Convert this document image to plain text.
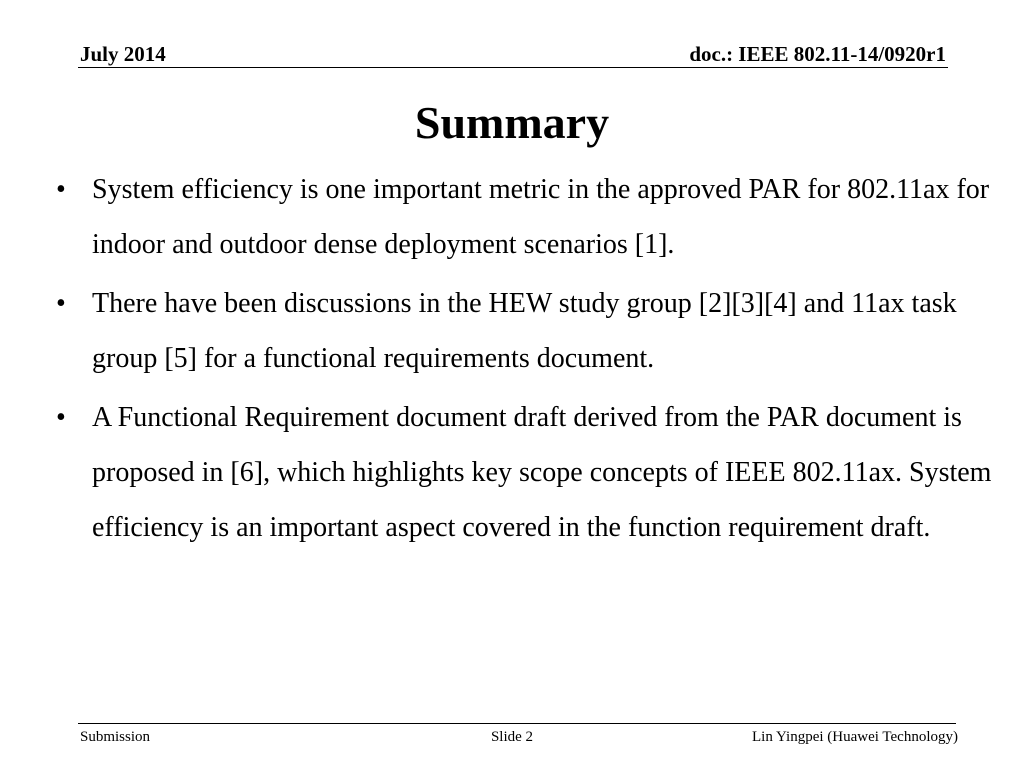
July 2014	doc.: IEEE 802.11-14/0920r1
Summary
• System efficiency is one important metric in the approved PAR for 802.11ax for indoor and outdoor dense deployment scenarios [1].
• There have been discussions in the HEW study group [2][3][4] and 11ax task group [5] for a functional requirements document.
• A Functional Requirement document draft derived from the PAR document is proposed in [6], which highlights key scope concepts of IEEE 802.11ax. System efficiency is an important aspect covered in the function requirement draft.
Submission	Slide 2	Lin Yingpei (Huawei Technology)
